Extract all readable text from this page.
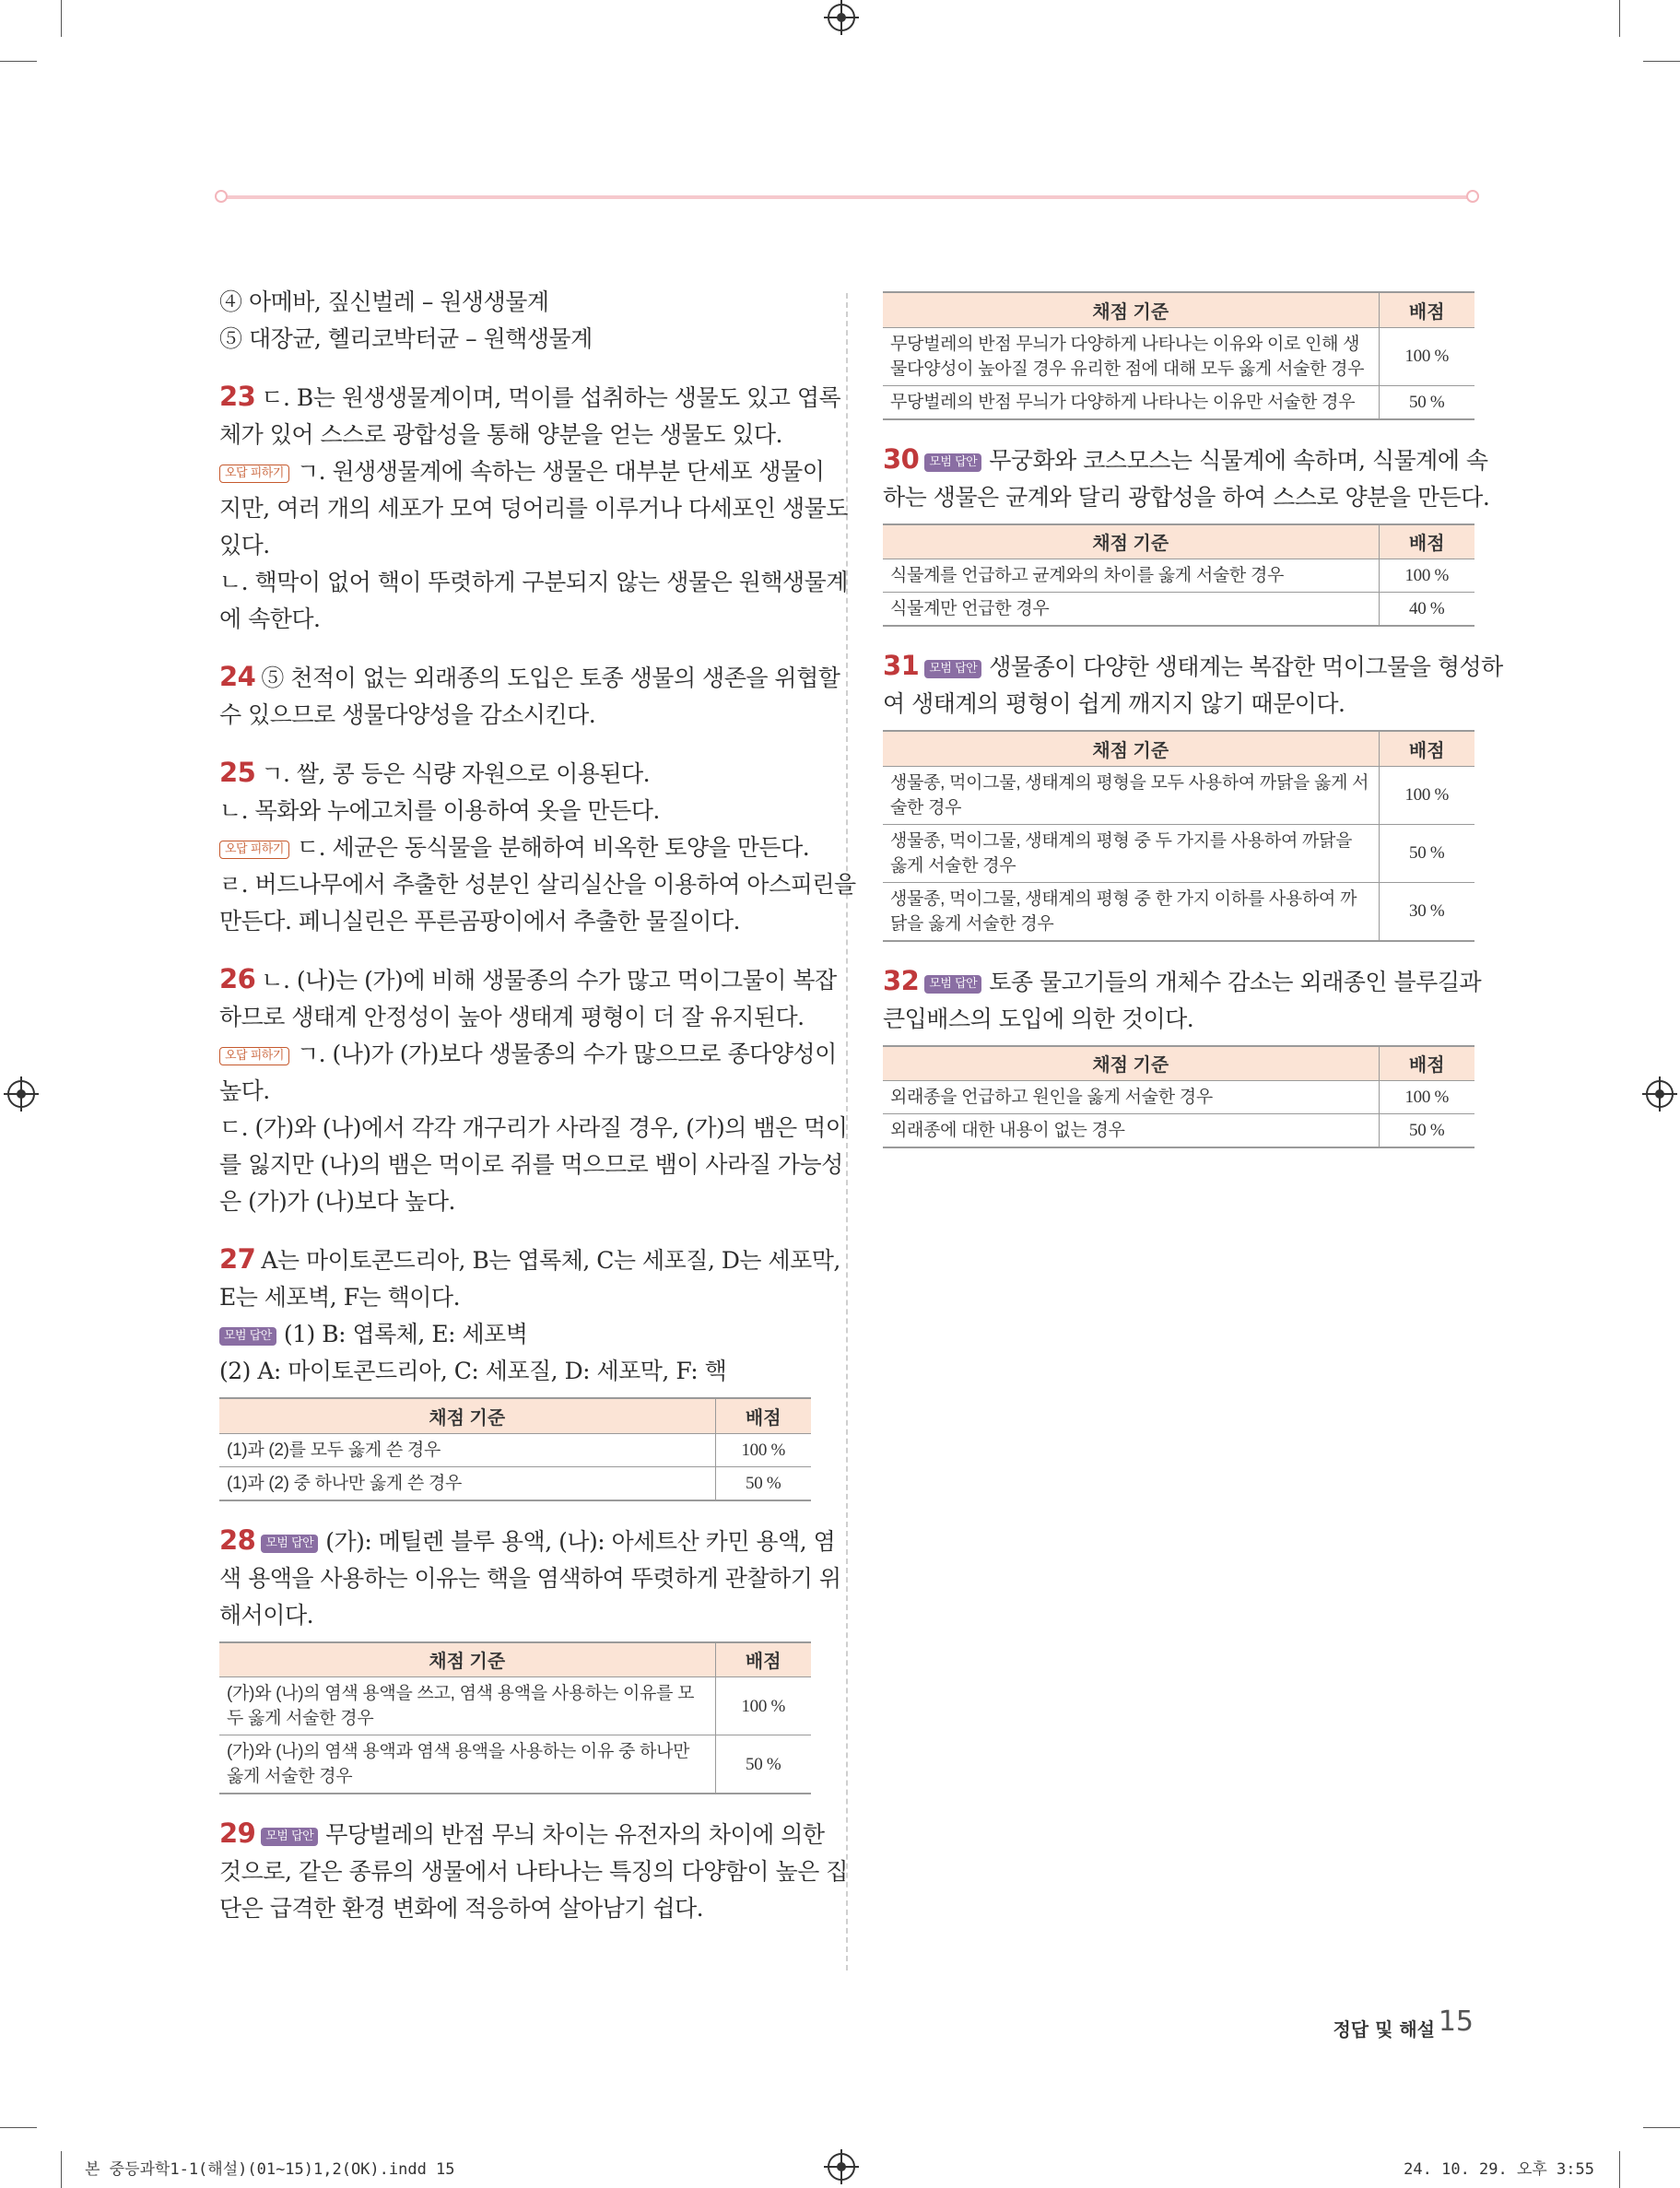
④ 아메바, 짚신벌레 – 원생생물계
⑤ 대장균, 헬리코박터균 – 원핵생물계
23 ㄷ. B는 원생생물계이며, 먹이를 섭취하는 생물도 있고 엽록
체가 있어 스스로 광합성을 통해 양분을 얻는 생물도 있다.
오답 피하기 ㄱ. 원생생물계에 속하는 생물은 대부분 단세포 생물이
지만, 여러 개의 세포가 모여 덩어리를 이루거나 다세포인 생물도
있다.
ㄴ. 핵막이 없어 핵이 뚜렷하게 구분되지 않는 생물은 원핵생물계
에 속한다.
24 ⑤ 천적이 없는 외래종의 도입은 토종 생물의 생존을 위협할
수 있으므로 생물다양성을 감소시킨다.
25 ㄱ. 쌀, 콩 등은 식량 자원으로 이용된다.
ㄴ. 목화와 누에고치를 이용하여 옷을 만든다.
오답 피하기 ㄷ. 세균은 동식물을 분해하여 비옥한 토양을 만든다.
ㄹ. 버드나무에서 추출한 성분인 살리실산을 이용하여 아스피린을
만든다. 페니실린은 푸른곰팡이에서 추출한 물질이다.
26 ㄴ. (나)는 (가)에 비해 생물종의 수가 많고 먹이그물이 복잡
하므로 생태계 안정성이 높아 생태계 평형이 더 잘 유지된다.
오답 피하기 ㄱ. (나)가 (가)보다 생물종의 수가 많으므로 종다양성이
높다.
ㄷ. (가)와 (나)에서 각각 개구리가 사라질 경우, (가)의 뱀은 먹이
를 잃지만 (나)의 뱀은 먹이로 쥐를 먹으므로 뱀이 사라질 가능성
은 (가)가 (나)보다 높다.
27 A는 마이토콘드리아, B는 엽록체, C는 세포질, D는 세포막,
E는 세포벽, F는 핵이다.
모범 답안 (1) B: 엽록체, E: 세포벽
(2) A: 마이토콘드리아, C: 세포질, D: 세포막, F: 핵
채점 기준	배점
(1)과 (2)를 모두 옳게 쓴 경우	100 %
(1)과 (2) 중 하나만 옳게 쓴 경우	50 %
28 모범 답안 (가): 메틸렌 블루 용액, (나): 아세트산 카민 용액, 염
색 용액을 사용하는 이유는 핵을 염색하여 뚜렷하게 관찰하기 위
해서이다.
채점 기준	배점
(가)와 (나)의 염색 용액을 쓰고, 염색 용액을 사용하는 이유를 모두 옳게 서술한 경우	100 %
(가)와 (나)의 염색 용액과 염색 용액을 사용하는 이유 중 하나만 옳게 서술한 경우	50 %
29 모범 답안 무당벌레의 반점 무늬 차이는 유전자의 차이에 의한
것으로, 같은 종류의 생물에서 나타나는 특징의 다양함이 높은 집
단은 급격한 환경 변화에 적응하여 살아남기 쉽다.
채점 기준	배점
무당벌레의 반점 무늬가 다양하게 나타나는 이유와 이로 인해 생물다양성이 높아질 경우 유리한 점에 대해 모두 옳게 서술한 경우	100 %
무당벌레의 반점 무늬가 다양하게 나타나는 이유만 서술한 경우	50 %
30 모범 답안 무궁화와 코스모스는 식물계에 속하며, 식물계에 속
하는 생물은 균계와 달리 광합성을 하여 스스로 양분을 만든다.
채점 기준	배점
식물계를 언급하고 균계와의 차이를 옳게 서술한 경우	100 %
식물계만 언급한 경우	40 %
31 모범 답안 생물종이 다양한 생태계는 복잡한 먹이그물을 형성하
여 생태계의 평형이 쉽게 깨지지 않기 때문이다.
채점 기준	배점
생물종, 먹이그물, 생태계의 평형을 모두 사용하여 까닭을 옳게 서술한 경우	100 %
생물종, 먹이그물, 생태계의 평형 중 두 가지를 사용하여 까닭을 옳게 서술한 경우	50 %
생물종, 먹이그물, 생태계의 평형 중 한 가지 이하를 사용하여 까닭을 옳게 서술한 경우	30 %
32 모범 답안 토종 물고기들의 개체수 감소는 외래종인 블루길과
큰입배스의 도입에 의한 것이다.
채점 기준	배점
외래종을 언급하고 원인을 옳게 서술한 경우	100 %
외래종에 대한 내용이 없는 경우	50 %
정답 및 해설 15
본 중등과학1-1(해설)(01~15)1,2(OK).indd 15	24. 10. 29. 오후 3:55
